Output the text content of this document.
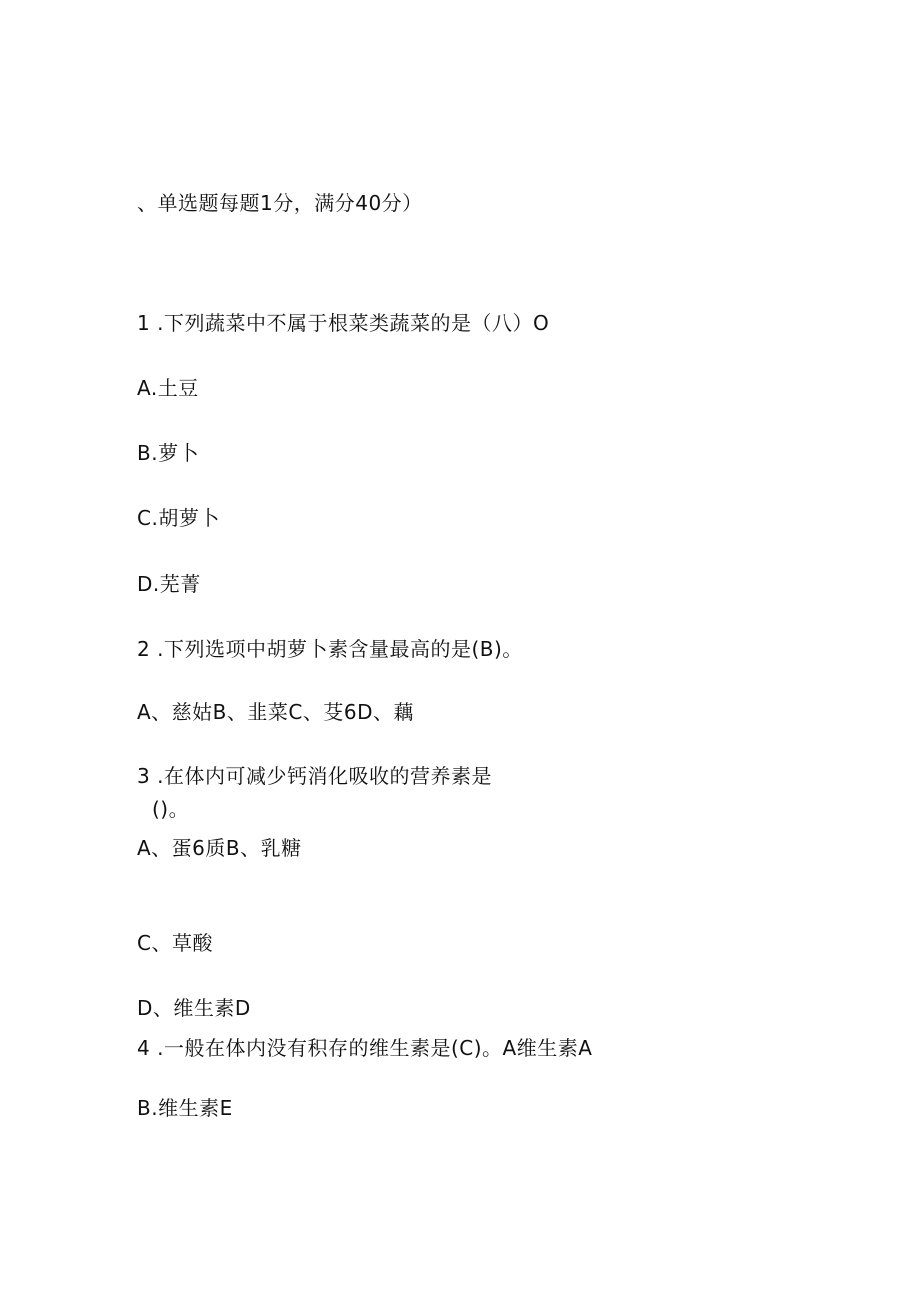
、单选题每题1分，满分40分）
1 .下列蔬菜中不属于根菜类蔬菜的是（八）O
A.土豆
B.萝卜
C.胡萝卜
D.芜菁
2 .下列选项中胡萝卜素含量最高的是(B)。
A、慈姑B、韭菜C、芟6D、藕
3 .在体内可减少钙消化吸收的营养素是
()。
A、蛋6质B、乳糖
C、草酸
D、维生素D
4 .一般在体内没有积存的维生素是(C)。A维生素A
B.维生素E
